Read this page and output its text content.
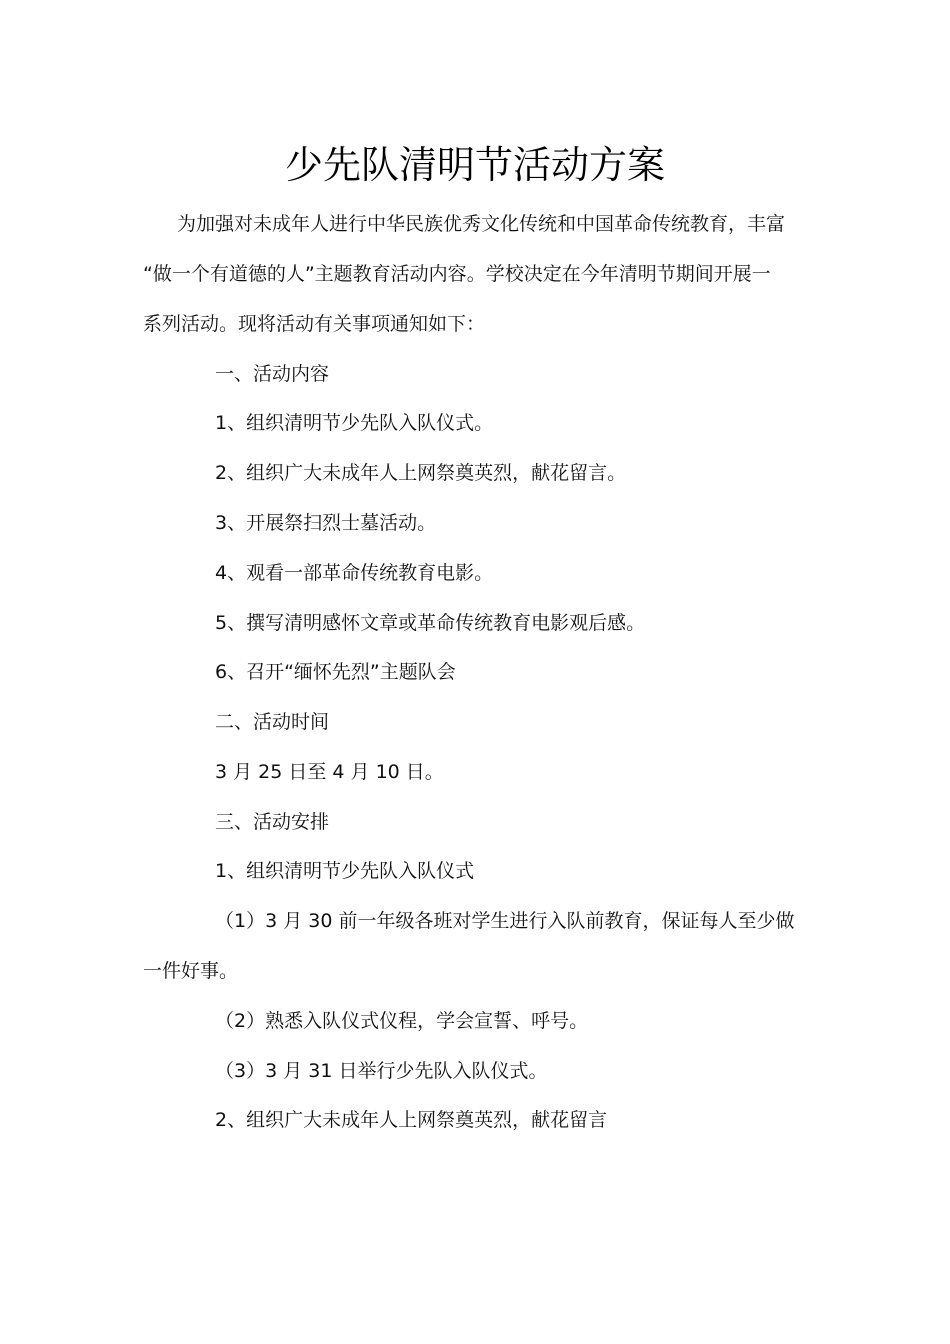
少先队清明节活动方案
为加强对未成年人进行中华民族优秀文化传统和中国革命传统教育，丰富
“做一个有道德的人”主题教育活动内容。学校决定在今年清明节期间开展一
系列活动。现将活动有关事项通知如下：
一、活动内容
1、组织清明节少先队入队仪式。
2、组织广大未成年人上网祭奠英烈，献花留言。
3、开展祭扫烈士墓活动。
4、观看一部革命传统教育电影。
5、撰写清明感怀文章或革命传统教育电影观后感。
6、召开“缅怀先烈”主题队会
二、活动时间
3 月 25 日至 4 月 10 日。
三、活动安排
1、组织清明节少先队入队仪式
（1）3 月 30 前一年级各班对学生进行入队前教育，保证每人至少做
一件好事。
（2）熟悉入队仪式仪程，学会宣誓、呼号。
（3）3 月 31 日举行少先队入队仪式。
2、组织广大未成年人上网祭奠英烈，献花留言
